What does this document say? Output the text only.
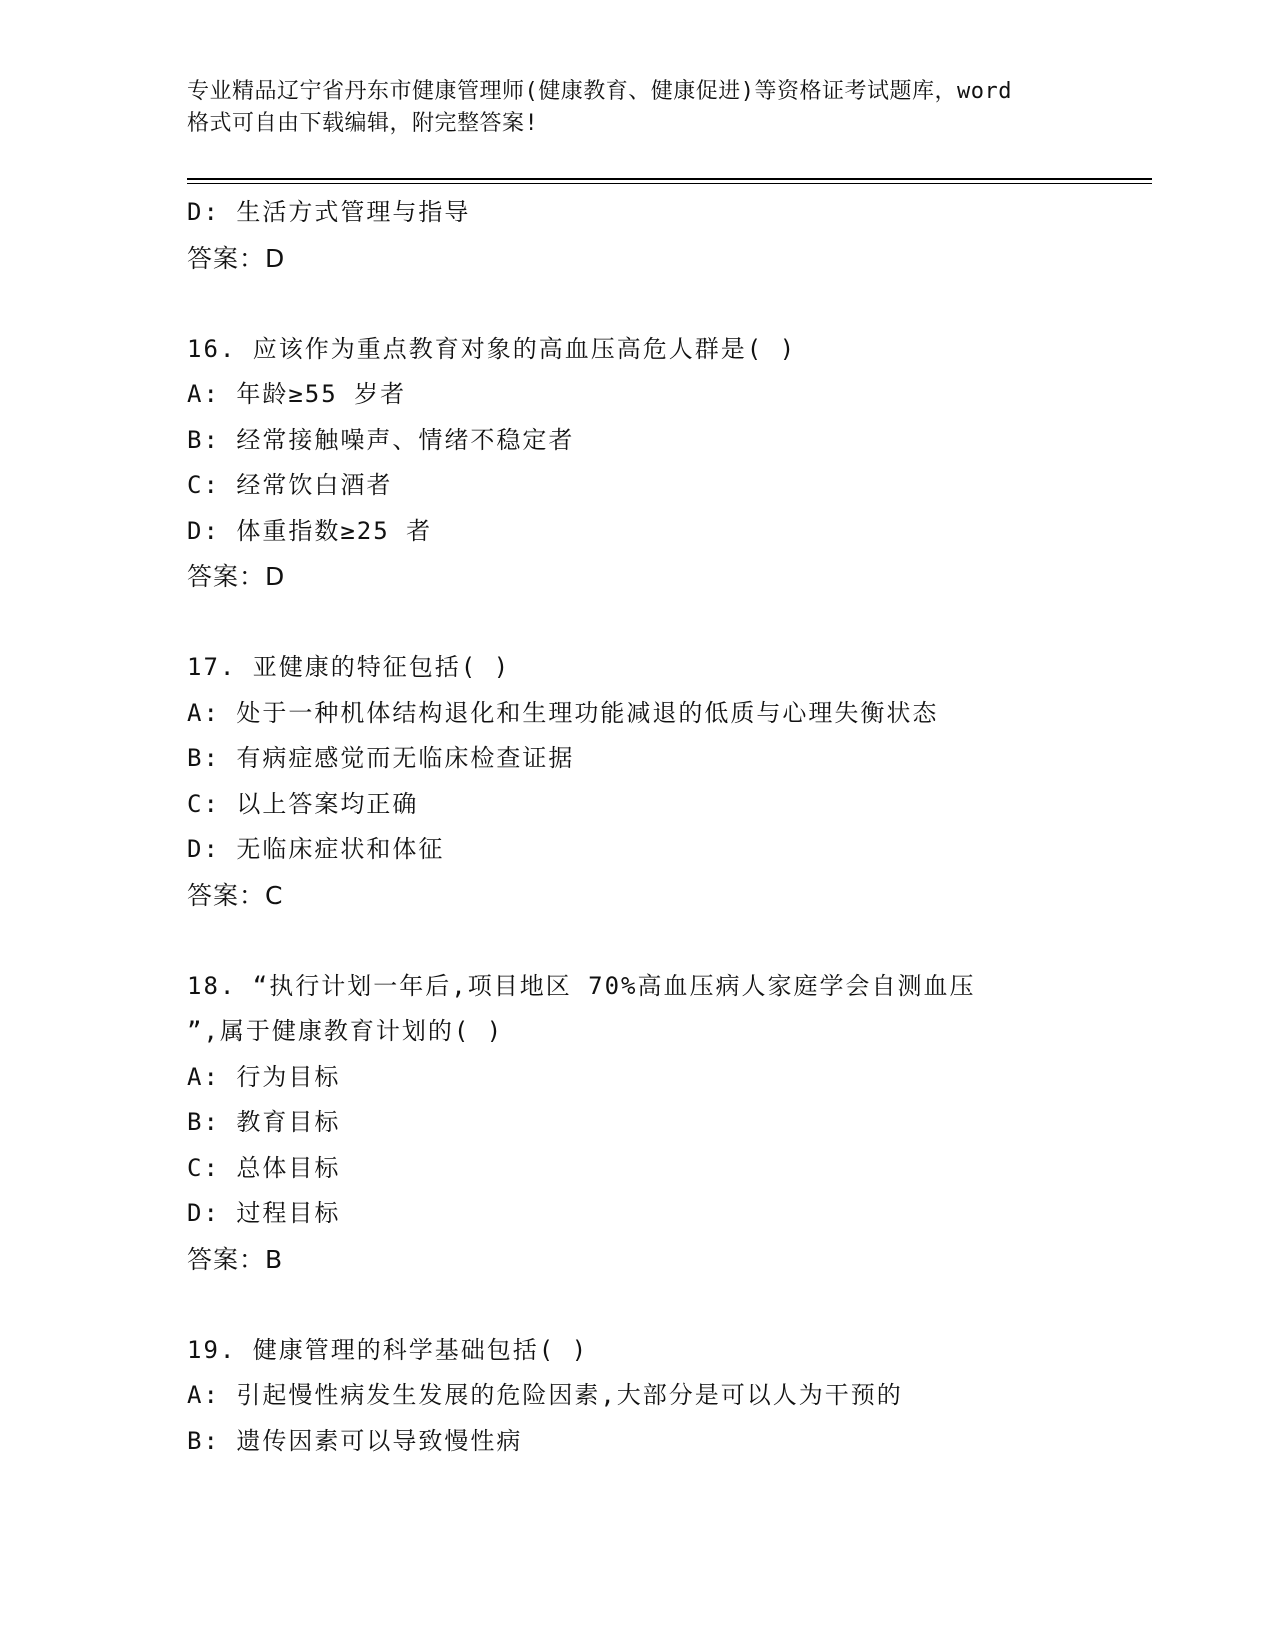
专业精品辽宁省丹东市健康管理师(健康教育、健康促进)等资格证考试题库，word
格式可自由下载编辑，附完整答案!
D: 生活方式管理与指导
答案：D
16. 应该作为重点教育对象的高血压高危人群是( )
A: 年龄≥55 岁者
B: 经常接触噪声、情绪不稳定者
C: 经常饮白酒者
D: 体重指数≥25 者
答案：D
17. 亚健康的特征包括( )
A: 处于一种机体结构退化和生理功能减退的低质与心理失衡状态
B: 有病症感觉而无临床检查证据
C: 以上答案均正确
D: 无临床症状和体征
答案：C
18. “执行计划一年后,项目地区 70%高血压病人家庭学会自测血压
”,属于健康教育计划的( )
A: 行为目标
B: 教育目标
C: 总体目标
D: 过程目标
答案：B
19. 健康管理的科学基础包括( )
A: 引起慢性病发生发展的危险因素,大部分是可以人为干预的
B: 遗传因素可以导致慢性病
